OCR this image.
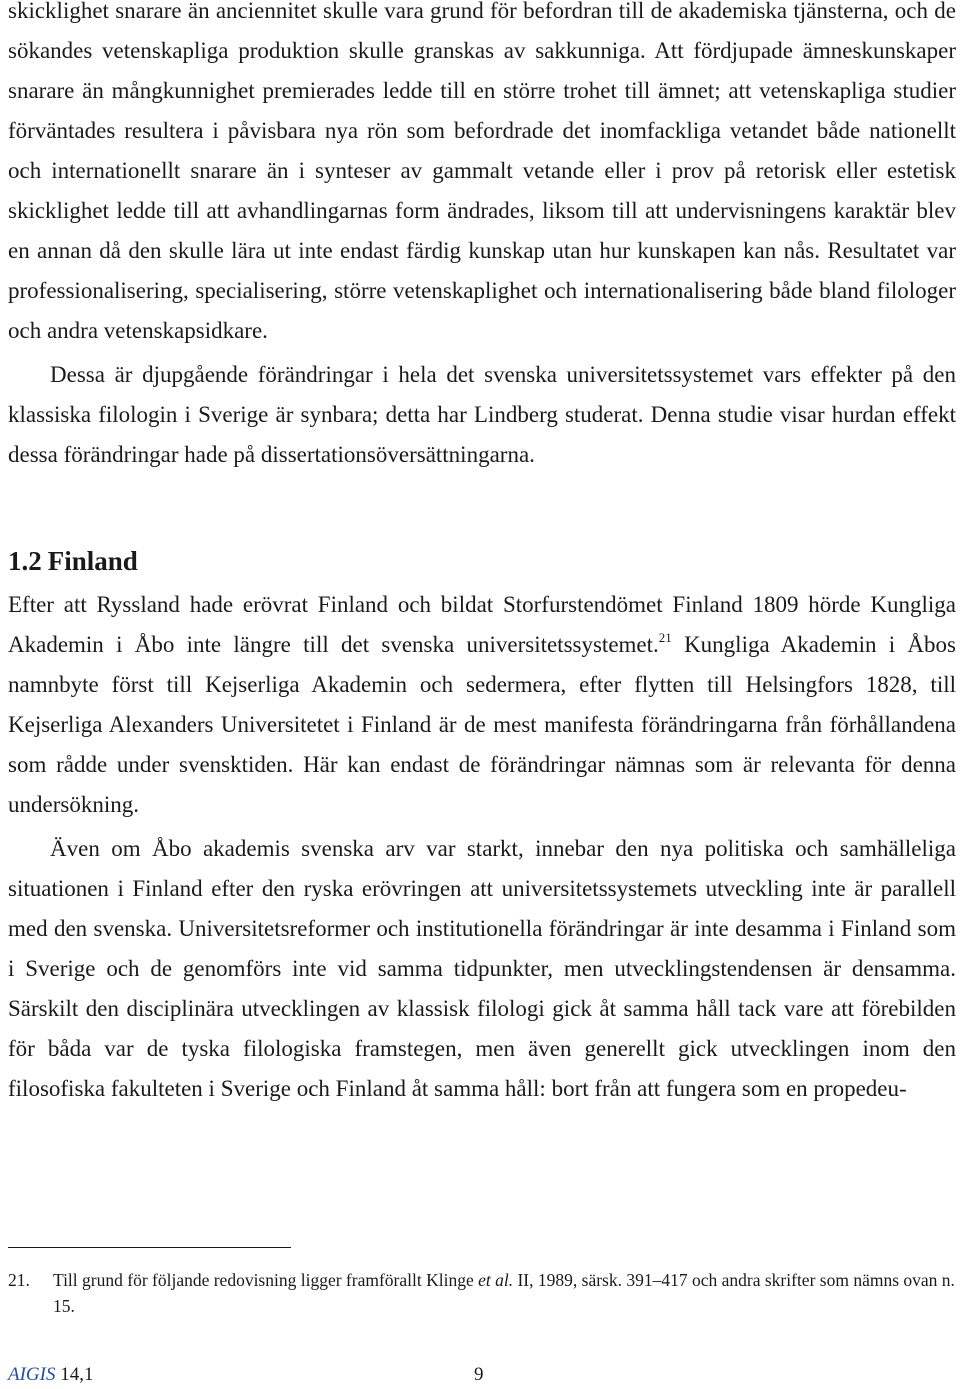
skicklighet snarare än anciennitet skulle vara grund för befordran till de akademiska tjänsterna, och de sökandes vetenskapliga produktion skulle granskas av sakkunniga. Att fördjupade ämneskunskaper snarare än mångkunnighet premierades ledde till en större trohet till ämnet; att vetenskapliga studier förväntades resultera i påvisbara nya rön som befordrade det inomfackliga vetandet både nationellt och internationellt snarare än i synteser av gammalt vetande eller i prov på retorisk eller estetisk skicklighet ledde till att avhandlingarnas form ändrades, liksom till att undervisningens karaktär blev en annan då den skulle lära ut inte endast färdig kunskap utan hur kunskapen kan nås. Resultatet var professionalisering, specialisering, större vetenskaplighet och internationalisering både bland filologer och andra vetenskapsidkare.

Dessa är djupgående förändringar i hela det svenska universitetssystemet vars effekter på den klassiska filologin i Sverige är synbara; detta har Lindberg studerat. Denna studie visar hurdan effekt dessa förändringar hade på dissertationsöversättningarna.

1.2 Finland

Efter att Ryssland hade erövrat Finland och bildat Storfurstendömet Finland 1809 hörde Kungliga Akademin i Åbo inte längre till det svenska universitetssystemet.$^{21}$ Kungliga Akademin i Åbos namnbyte först till Kejserliga Akademin och sedermera, efter flytten till Helsingfors 1828, till Kejserliga Alexanders Universitetet i Finland är de mest manifesta förändringarna från förhållandena som rådde under svensktiden. Här kan endast de förändringar nämnas som är relevanta för denna undersökning.

Även om Åbo akademis svenska arv var starkt, innebar den nya politiska och samhälleliga situationen i Finland efter den ryska erövringen att universitetssystemets utveckling inte är parallell med den svenska. Universitetsreformer och institutionella förändringar är inte desamma i Finland som i Sverige och de genomförs inte vid samma tidpunkter, men utvecklingstendensen är densamma. Särskilt den disciplinära utvecklingen av klassisk filologi gick åt samma håll tack vare att förebilden för båda var de tyska filologiska framstegen, men även generellt gick utvecklingen inom den filosofiska fakulteten i Sverige och Finland åt samma håll: bort från att fungera som en propedeu-

21. Till grund för följande redovisning ligger framförallt Klinge et al. II, 1989, särsk. 391–417 och andra skrifter som nämns ovan n. 15.
AIGIS 14,1	9
